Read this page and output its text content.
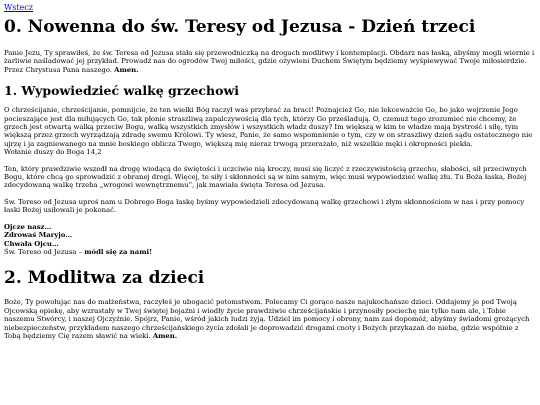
Wstecz
0. Nowenna do św. Teresy od Jezusa - Dzień trzeci

Panie Jezu, Ty sprawiłeś, że św. Teresa od Jezusa stała się przewodniczką na drogach modlitwy i kontemplacji. Obdarz nas łaską, abyśmy mogli wiernie i żarliwie naśladować jej przykład. Prowadź nas do ogrodów Twej miłości, gdzie ożywieni Duchem Świętym będziemy wyśpiewywać Twoje miłosierdzie. Przez Chrystusa Pana naszego. Amen.

1. Wypowiedzieć walkę grzechowi

O chrześcijanie, chrześcijanie, pomnijcie, że ten wielki Bóg raczył was przybrać za braci! Poznajcież Go, nie lekceważcie Go, bo jako wejrzenie Jego pocieszające jest dla miłujących Go, tak płonie straszliwą zapalczywością dla tych, którzy Go prześladują. O, czemuż tego zrozumieć nie chcemy, że grzech jest otwartą walką przeciw Bogu, walką wszystkich zmysłów i wszystkich władz duszy? Im większą w kim te władze mają bystrość i siłę, tym większą przez grzech wyrządzają zdradę swemu Królowi. Ty wiesz, Panie, że samo wspomnienie o tym, czy w on straszliwy dzień sądu ostatecznego nie ujrzę i ja zagniewanego na mnie boskiego oblicza Twego, większą mię nieraz trwogą przerażało, niż wszelkie męki i okropności piekła.
Wołanie duszy do Boga 14,2

Ten, który prawdziwie wszedł na drogę wiodącą do świętości i uczciwie nią kroczy, musi się liczyć z rzeczywistością grzechu, słabości, sił przeciwnych Bogu, które chcą go sprowadzić z obranej drogi. Więcej, te siły i skłonności są w nim samym, więc musi wypowiedzieć walkę złu. Tu Boża łaska, Bożej zdecydowaną walkę trzeba „wrogowi wewnętrznemu”, jak mawiała święta Teresa od Jezusa.

Św. Tereso od Jezusa uproś nam u Dobrego Boga łaskę byśmy wypowiedzieli zdecydowaną walkę grzechowi i złym skłonnościom w nas i przy pomocy łaski Bożej usiłowali je pokonać.

Ojcze nasz…

Zdrowaś Maryjo…

Chwała Ojcu…

Św. Tereso od Jezusa – módl się za nami!

2. Modlitwa za dzieci

Boże, Ty powołując nas do małżeństwa, raczyłeś je ubogacić potomstwem. Polecamy Ci gorąco nasze najukochańsze dzieci. Oddajemy je pod Twoją Ojcowską opiekę, aby wzrastały w Twej świętej bojaźni i wiodły życie prawdziwie chrześcijańskie i przynosiły pociechę nie tylko nam ale, i Tobie naszemu Stwórcy, i naszej Ojczyźnie. Spójrz, Panie, wśród jakich ludzi żyją. Udziel im pomocy i obrony, nam zaś dopomóż, abyśmy świadomi grożących niebezpieczeństw, przykładem naszego chrześcijańskiego życia zdołali je doprowadzić drogami cnoty i Bożych przykazań do nieba, gdzie wspólnie z Tobą będziemy Cię razem sławić na wieki. Amen.
